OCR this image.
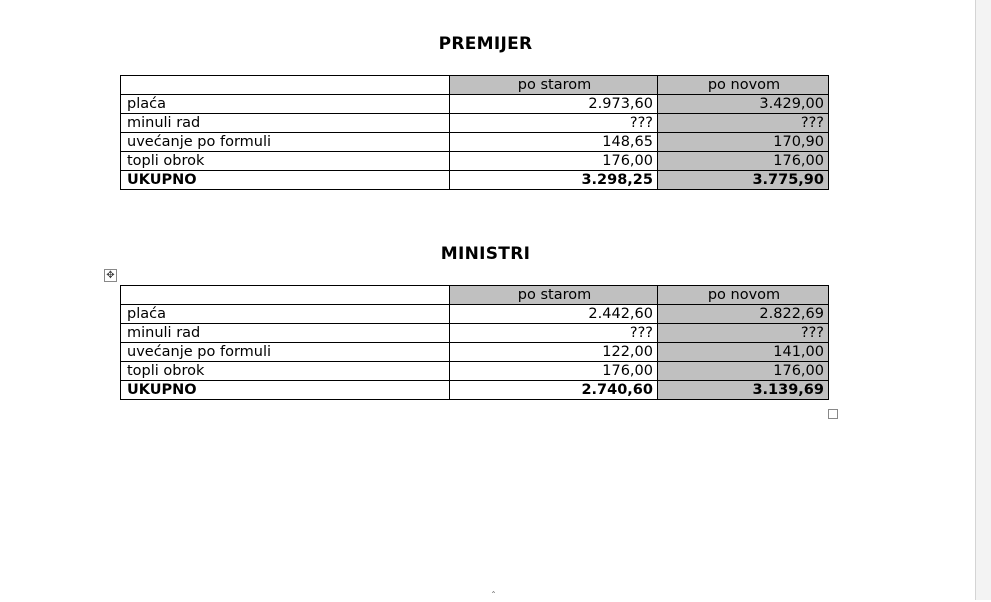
PREMIJER
	po starom	po novom
plaća	2.973,60	3.429,00
minuli rad	???	???
uvećanje po formuli	148,65	170,90
topli obrok	176,00	176,00
UKUPNO	3.298,25	3.775,90
MINISTRI
✥
	po starom	po novom
plaća	2.442,60	2.822,69
minuli rad	???	???
uvećanje po formuli	122,00	141,00
topli obrok	176,00	176,00
UKUPNO	2.740,60	3.139,69
ˆ
